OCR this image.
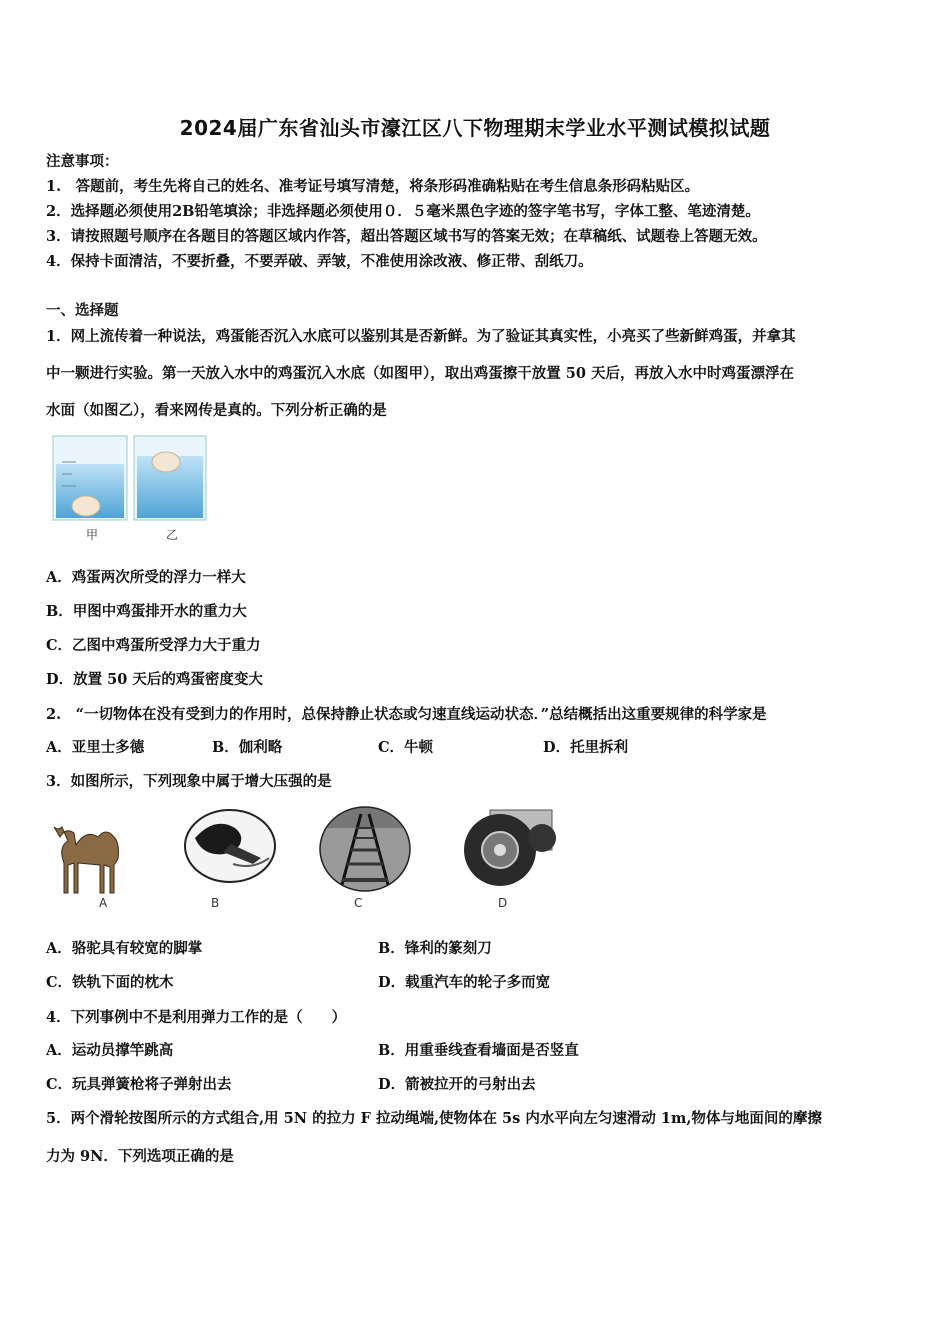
2024届广东省汕头市濠江区八下物理期末学业水平测试模拟试题
注意事项：
1.　答题前，考生先将自己的姓名、准考证号填写清楚，将条形码准确粘贴在考生信息条形码粘贴区。
2．选择题必须使用2B铅笔填涂；非选择题必须使用０．５毫米黑色字迹的签字笔书写，字体工整、笔迹清楚。
3．请按照题号顺序在各题目的答题区域内作答，超出答题区域书写的答案无效；在草稿纸、试题卷上答题无效。
4．保持卡面清洁，不要折叠，不要弄破、弄皱，不准使用涂改液、修正带、刮纸刀。
一、选择题
1．网上流传着一种说法，鸡蛋能否沉入水底可以鉴别其是否新鲜。为了验证其真实性，小亮买了些新鲜鸡蛋，并拿其
中一颗进行实验。第一天放入水中的鸡蛋沉入水底（如图甲），取出鸡蛋擦干放置 50 天后，再放入水中时鸡蛋漂浮在
水面（如图乙），看来网传是真的。下列分析正确的是
甲	乙
A．鸡蛋两次所受的浮力一样大
B．甲图中鸡蛋排开水的重力大
C．乙图中鸡蛋所受浮力大于重力
D．放置 50 天后的鸡蛋密度变大
2.　“一切物体在没有受到力的作用时，总保持静止状态或匀速直线运动状态．”总结概括出这重要规律的科学家是
A．亚里士多德	B．伽利略	C．牛顿	D．托里拆利
3．如图所示，下列现象中属于增大压强的是
A	B	C	D
A．骆驼具有较宽的脚掌	B．锋利的篆刻刀
C．铁轨下面的枕木	D．载重汽车的轮子多而宽
4．下列事例中不是利用弹力工作的是（　　）
A．运动员撑竿跳高	B．用重垂线查看墙面是否竖直
C．玩具弹簧枪将子弹射出去	D．箭被拉开的弓射出去
5．两个滑轮按图所示的方式组合,用 5N 的拉力 F 拉动绳端,使物体在 5s 内水平向左匀速滑动 1m,物体与地面间的摩擦
力为 9N．下列选项正确的是
